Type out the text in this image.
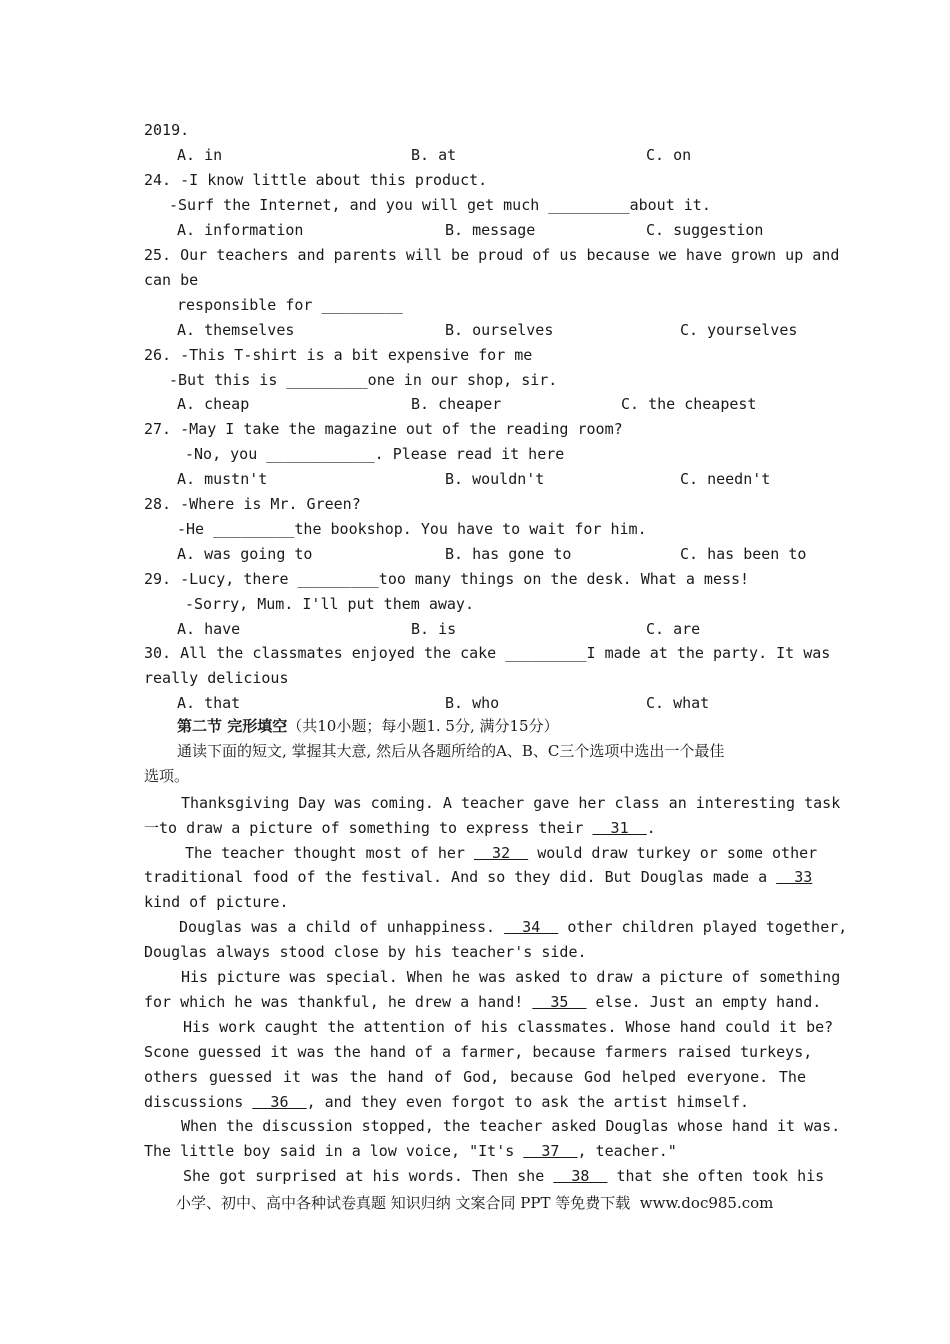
2019.
A. in	B. at	C. on
24. -I know little about this product.
-Surf the Internet, and you will get much _________about it.
A. information	B. message	C. suggestion
25. Our teachers and parents will be proud of us because we have grown up and
can be
responsible for _________
A. themselves	B. ourselves	C. yourselves
26. -This T-shirt is a bit expensive for me
-But this is _________one in our shop, sir.
A. cheap	B. cheaper	C. the cheapest
27. -May I take the magazine out of the reading room?
-No, you ____________. Please read it here
A. mustn't	B. wouldn't	C. needn't
28. -Where is Mr. Green?
-He _________the bookshop. You have to wait for him.
A. was going to	B. has gone to	C. has been to
29. -Lucy, there _________too many things on the desk. What a mess!
-Sorry, Mum. I'll put them away.
A. have	B. is	C. are
30. All the classmates enjoyed the cake _________I made at the party. It was
really delicious
A. that	B. who	C. what
第二节 完形填空（共10小题；每小题1. 5分, 满分15分）
通读下面的短文, 掌握其大意, 然后从各题所给的A、B、C三个选项中选出一个最佳
选项。
Thanksgiving Day was coming. A teacher gave her class an interesting task
一to draw a picture of something to express their   31  .
The teacher thought most of her   32   would draw turkey or some other
traditional food of the festival. And so they did. But Douglas made a   33
kind of picture.
Douglas was a child of unhappiness.   34   other children played together,
Douglas always stood close by his teacher's side.
His picture was special. When he was asked to draw a picture of something
for which he was thankful, he drew a hand!   35   else. Just an empty hand.
His work caught the attention of his classmates. Whose hand could it be?
Scone guessed it was the hand of a farmer, because farmers raised turkeys,
others guessed it was the hand of God, because God helped everyone. The
discussions   36  , and they even forgot to ask the artist himself.
When the discussion stopped, the teacher asked Douglas whose hand it was.
The little boy said in a low voice, "It's   37  , teacher."
She got surprised at his words. Then she   38   that she often took his
小学、初中、高中各种试卷真题 知识归纳 文案合同 PPT 等免费下载  www.doc985.com
